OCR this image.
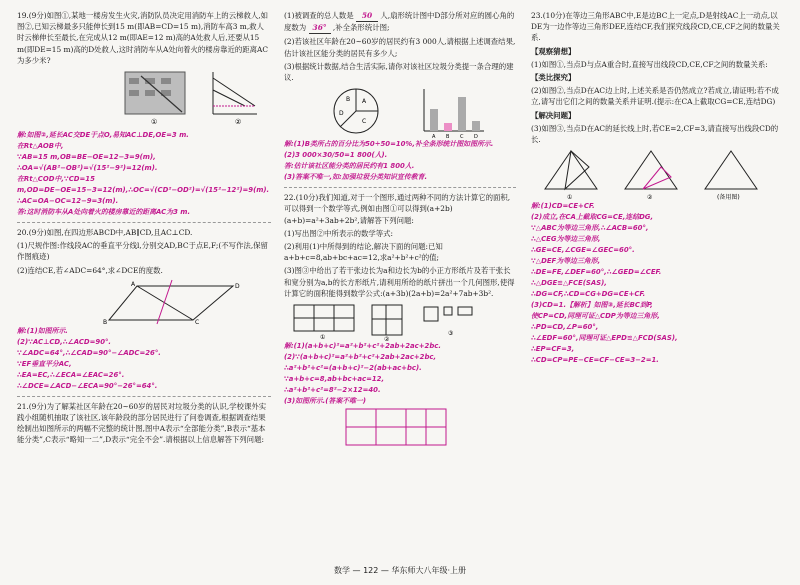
19.(9分)如图①,某地一楼房发生火灾,消防队员决定用消防车上的云梯救人,如图②,已知云梯最多只能伸长到15 m(即AB=CD=15 m),消防车高3 m,救人时云梯伸长至最长,在完成从12 m(即AE=12 m)高的A处救人后,还要从15 m(即DE=15 m)高的D处救人,这时消防车从A处向着火的楼房靠近的距离AC为多少米?
①	②

解:如图②,延长AC交DE于点O,易知AC⊥DE,OE=3 m.

在Rt△AOB中,

∵AB=15 m,OB=BE−OE=12−3=9(m),

∴OA=√(AB²−OB²)=√(15²−9²)=12(m).

在Rt△COD中,∵CD=15 m,OD=DE−OE=15−3=12(m),∴OC=√(CD²−OD²)=√(15²−12²)=9(m).

∴AC=OA−OC=12−9=3(m).

答:这时消防车从A处向着火的楼房靠近的距离AC为3 m.

20.(9分)如图,在四边形ABCD中,AB∥CD,且AC⊥CD.
(1)尺规作图:作线段AC的垂直平分线l,分别交AD,BC于点E,F;(不写作法,保留作图痕迹)
(2)连结CE,若∠ADC=64°,求∠DCE的度数.
A	D
B	C

解:(1)如图所示.

(2)∵AC⊥CD,∴∠ACD=90°.

∵∠ADC=64°,∴∠CAD=90°−∠ADC=26°.

∵EF垂直平分AC,

∴EA=EC,∴∠ECA=∠EAC=26°.

∴∠DCE=∠ACD−∠ECA=90°−26°=64°.

21.(9分)为了解某社区年龄在20~60岁的居民对垃圾分类的认识,学校课外实践小组随机抽取了该社区,该年龄段的部分居民进行了问卷调查,根据调查结果绘制出如图所示的两幅不完整的统计图,图中A表示“全部能分类”,B表示“基本能分类”,C表示“略知一二”,D表示“完全不会”.请根据以上信息解答下列问题:
(1)被调查的总人数是 50 人,扇形统计图中D部分所对应的圆心角的度数为 36° ,补全条形统计图;
(2)若该社区年龄在20~60岁的居民约有3 000人,请根据上述调查结果,估计该社区能分类的居民有多少人;
(3)根据统计数据,结合生活实际,请你对该社区垃圾分类提一条合理的建议.
A
B
C
D
A B C D

解:(1)B类所占的百分比为50÷50=10%,补全条形统计图如图所示.

(2)3 000×30/50=1 800(人).

答:估计该社区能分类的居民约有1 800人.

(3)答案不唯一,如:加强垃圾分类知识宣传教育.

22.(10分)我们知道,对于一个图形,通过两种不同的方法计算它的面积,可以得到一个数学等式,例如由图①可以得到(a+2b)(a+b)=a²+3ab+2b²,请解答下列问题:
(1)写出图②中所表示的数学等式:
(2)利用(1)中所得到的结论,解决下面的问题:已知a+b+c=8,ab+bc+ac=12,求a²+b²+c²的值;
(3)图③中给出了若干张边长为a和边长为b的小正方形纸片及若干张长和宽分别为a,b的长方形纸片,请利用所给的纸片拼出一个几何图形,使得计算它的面积能得到数学公式:(a+3b)(2a+b)=2a²+7ab+3b².
①	②
③

解:(1)(a+b+c)²=a²+b²+c²+2ab+2ac+2bc.

(2)∵(a+b+c)²=a²+b²+c²+2ab+2ac+2bc,

∴a²+b²+c²=(a+b+c)²−2(ab+ac+bc).

∵a+b+c=8,ab+bc+ac=12,

∴a²+b²+c²=8²−2×12=40.

(3)如图所示.(答案不唯一)

23.(10分)在等边三角形ABC中,E是边BC上一定点,D是射线AC上一动点,以DE为一边作等边三角形DEF,连结CF,我们探究线段CD,CE,CF之间的数量关系.
【观察猜想】
(1)如图①,当点D与点A重合时,直接写出线段CD,CE,CF之间的数量关系:
【类比探究】
(2)如图②,当点D在AC边上时,上述关系是否仍然成立?若成立,请证明;若不成立,请写出它们之间的数量关系并证明.(提示:在CA上截取CG=CE,连结DG)
【解决问题】
(3)如图③,当点D在AC的延长线上时,若CE=2,CF=3,请直接写出线段CD的长.
①	②	(备用图)

解:(1)CD=CE+CF.

(2)成立,在CA上截取CG=CE,连结DG,

∵△ABC为等边三角形,∴∠ACB=60°,

∴△CEG为等边三角形,

∴GE=CE,∠CGE=∠GEC=60°.

∵△DEF为等边三角形,

∴DE=FE,∠DEF=60°,∴∠GED=∠CEF.

∴△DGE≌△FCE(SAS),

∴DG=CF,∴CD=CG+DG=CE+CF.

(3)CD=1.【解析】如图③,延长BC到P,

使CP=CD,同理可证△CDP为等边三角形,

∴PD=CD,∠P=60°,

∴∠EDF=60°,同理可证△EPD≌△FCD(SAS),

∴EP=CF=3,

∴CD=CP=PE−CE=CF−CE=3−2=1.

数学 — 122 — 华东师大八年级·上册
